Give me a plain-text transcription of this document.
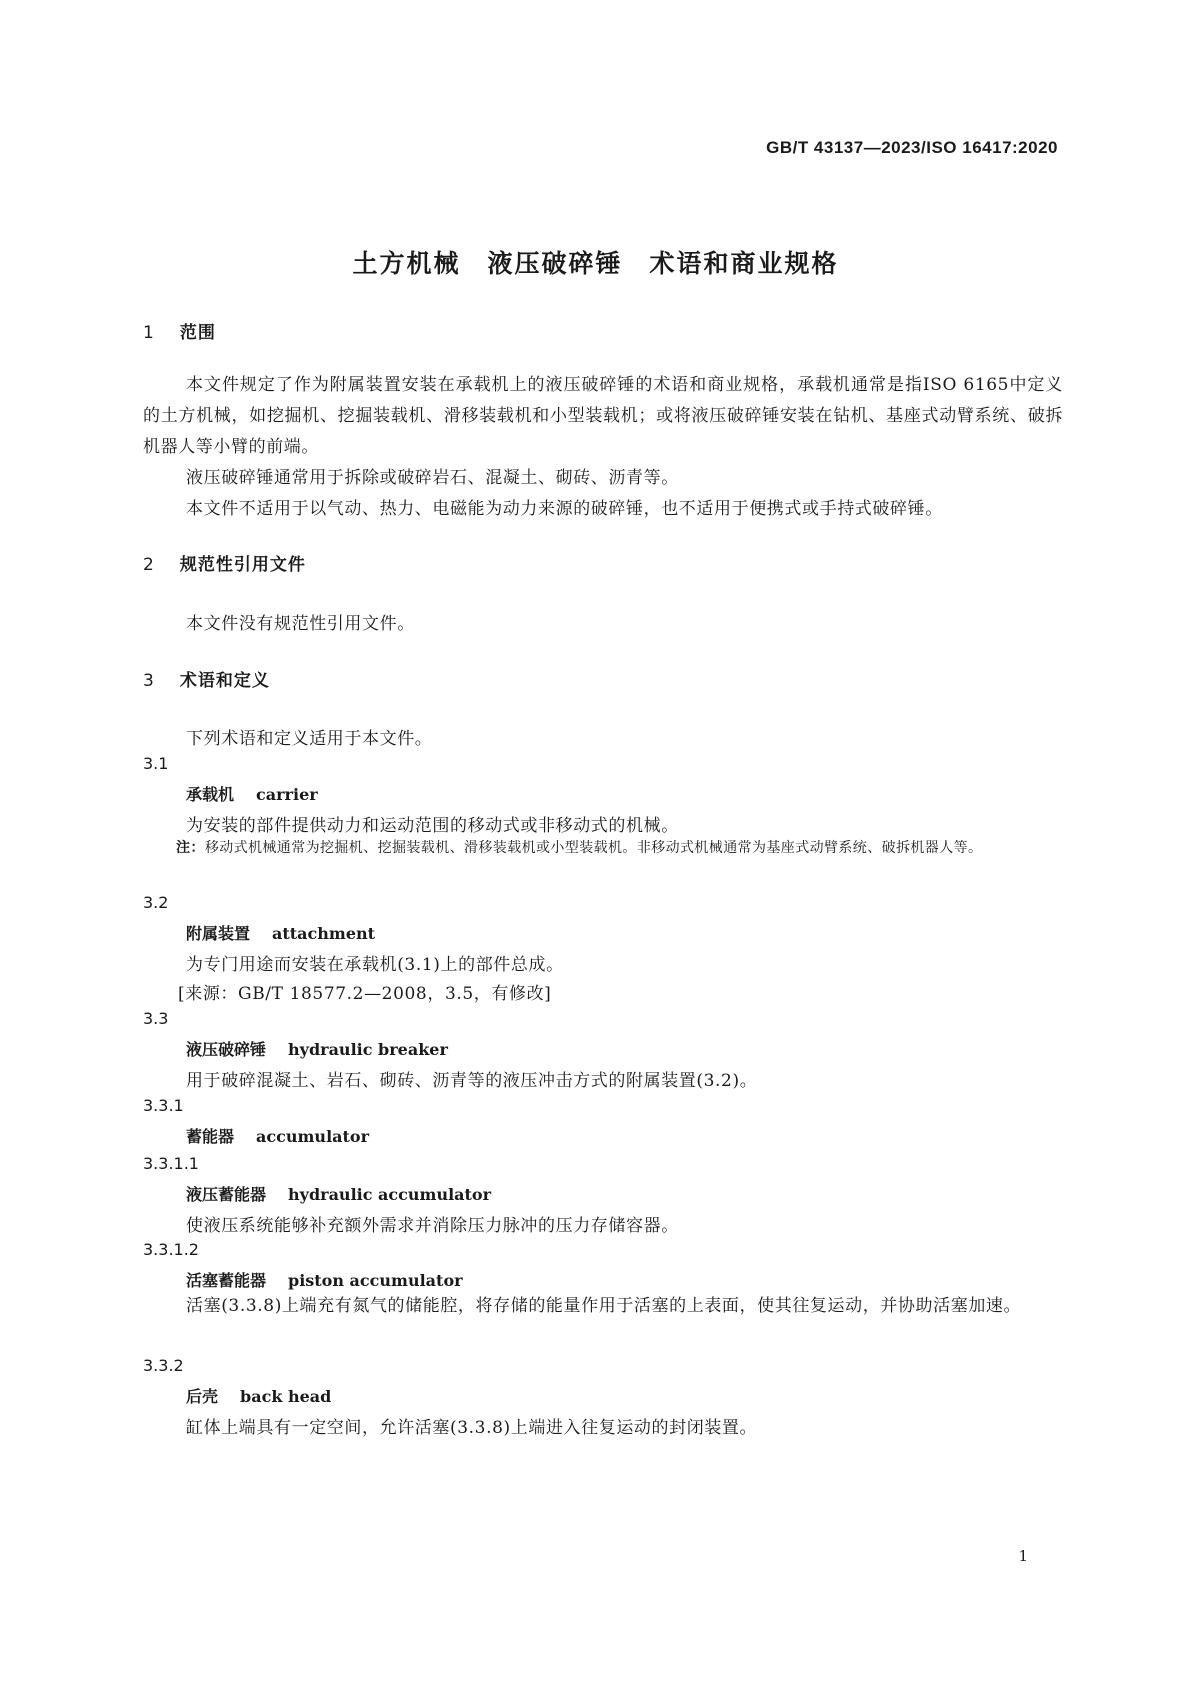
GB/T 43137—2023/ISO 16417:2020
土方机械　液压破碎锤　术语和商业规格
1 范围
本文件规定了作为附属装置安装在承载机上的液压破碎锤的术语和商业规格，承载机通常是指ISO 6165中定义的土方机械，如挖掘机、挖掘装载机、滑移装载机和小型装载机；或将液压破碎锤安装在钻机、基座式动臂系统、破拆机器人等小臂的前端。
液压破碎锤通常用于拆除或破碎岩石、混凝土、砌砖、沥青等。
本文件不适用于以气动、热力、电磁能为动力来源的破碎锤，也不适用于便携式或手持式破碎锤。
2 规范性引用文件
本文件没有规范性引用文件。
3 术语和定义
下列术语和定义适用于本文件。
3.1
承载机 carrier
为安装的部件提供动力和运动范围的移动式或非移动式的机械。
注：移动式机械通常为挖掘机、挖掘装载机、滑移装载机或小型装载机。非移动式机械通常为基座式动臂系统、破拆机器人等。
3.2
附属装置 attachment
为专门用途而安装在承载机(3.1)上的部件总成。
[来源：GB/T 18577.2—2008，3.5，有修改]
3.3
液压破碎锤 hydraulic breaker
用于破碎混凝土、岩石、砌砖、沥青等的液压冲击方式的附属装置(3.2)。
3.3.1
蓄能器 accumulator
3.3.1.1
液压蓄能器 hydraulic accumulator
使液压系统能够补充额外需求并消除压力脉冲的压力存储容器。
3.3.1.2
活塞蓄能器 piston accumulator
活塞(3.3.8)上端充有氮气的储能腔，将存储的能量作用于活塞的上表面，使其往复运动，并协助活塞加速。
3.3.2
后壳 back head
缸体上端具有一定空间，允许活塞(3.3.8)上端进入往复运动的封闭装置。
1
